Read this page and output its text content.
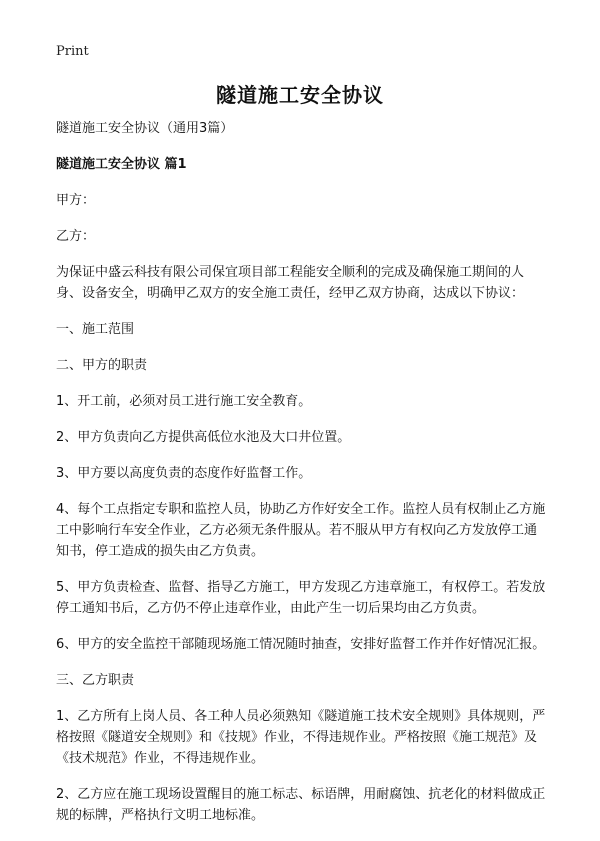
Print
隧道施工安全协议

隧道施工安全协议（通用3篇）

隧道施工安全协议 篇1

甲方：

乙方：

为保证中盛云科技有限公司保宜项目部工程能安全顺利的完成及确保施工期间的人身、设备安全，明确甲乙双方的安全施工责任，经甲乙双方协商，达成以下协议：

一、施工范围

二、甲方的职责

1、开工前，必须对员工进行施工安全教育。

2、甲方负责向乙方提供高低位水池及大口井位置。

3、甲方要以高度负责的态度作好监督工作。

4、每个工点指定专职和监控人员，协助乙方作好安全工作。监控人员有权制止乙方施工中影响行车安全作业，乙方必须无条件服从。若不服从甲方有权向乙方发放停工通知书，停工造成的损失由乙方负责。

5、甲方负责检查、监督、指导乙方施工，甲方发现乙方违章施工，有权停工。若发放停工通知书后，乙方仍不停止违章作业，由此产生一切后果均由乙方负责。

6、甲方的安全监控干部随现场施工情况随时抽查，安排好监督工作并作好情况汇报。

三、乙方职责

1、乙方所有上岗人员、各工种人员必须熟知《隧道施工技术安全规则》具体规则，严格按照《隧道安全规则》和《技规》作业，不得违规作业。严格按照《施工规范》及《技术规范》作业，不得违规作业。

2、乙方应在施工现场设置醒目的施工标志、标语牌，用耐腐蚀、抗老化的材料做成正规的标牌，严格执行文明工地标准。
